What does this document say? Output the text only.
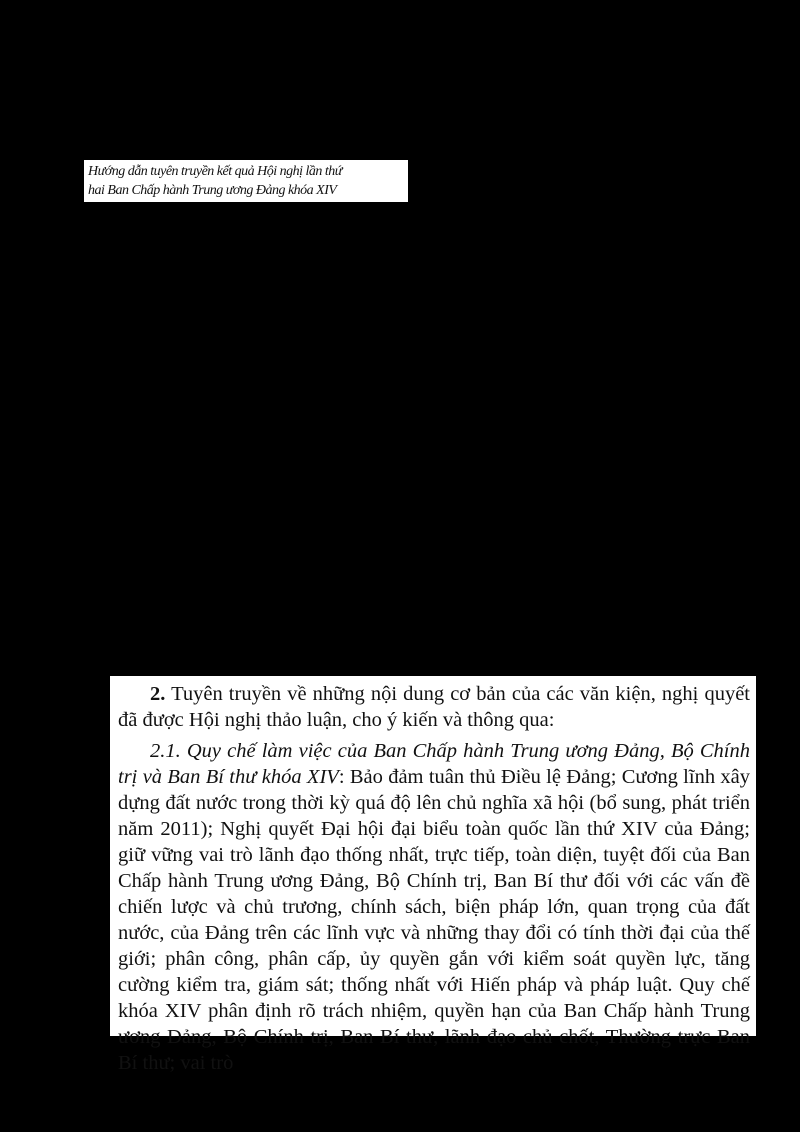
Hướng dẫn tuyên truyền kết quả Hội nghị lần thứ
hai Ban Chấp hành Trung ương Đảng khóa XIV

2. Tuyên truyền về những nội dung cơ bản của các văn kiện, nghị quyết đã được Hội nghị thảo luận, cho ý kiến và thông qua:

2.1. Quy chế làm việc của Ban Chấp hành Trung ương Đảng, Bộ Chính trị và Ban Bí thư khóa XIV: Bảo đảm tuân thủ Điều lệ Đảng; Cương lĩnh xây dựng đất nước trong thời kỳ quá độ lên chủ nghĩa xã hội (bổ sung, phát triển năm 2011); Nghị quyết Đại hội đại biểu toàn quốc lần thứ XIV của Đảng; giữ vững vai trò lãnh đạo thống nhất, trực tiếp, toàn diện, tuyệt đối của Ban Chấp hành Trung ương Đảng, Bộ Chính trị, Ban Bí thư đối với các vấn đề chiến lược và chủ trương, chính sách, biện pháp lớn, quan trọng của đất nước, của Đảng trên các lĩnh vực và những thay đổi có tính thời đại của thế giới; phân công, phân cấp, ủy quyền gắn với kiểm soát quyền lực, tăng cường kiểm tra, giám sát; thống nhất với Hiến pháp và pháp luật. Quy chế khóa XIV phân định rõ trách nhiệm, quyền hạn của Ban Chấp hành Trung ương Đảng, Bộ Chính trị, Ban Bí thư, lãnh đạo chủ chốt, Thường trực Ban Bí thư; vai trò
